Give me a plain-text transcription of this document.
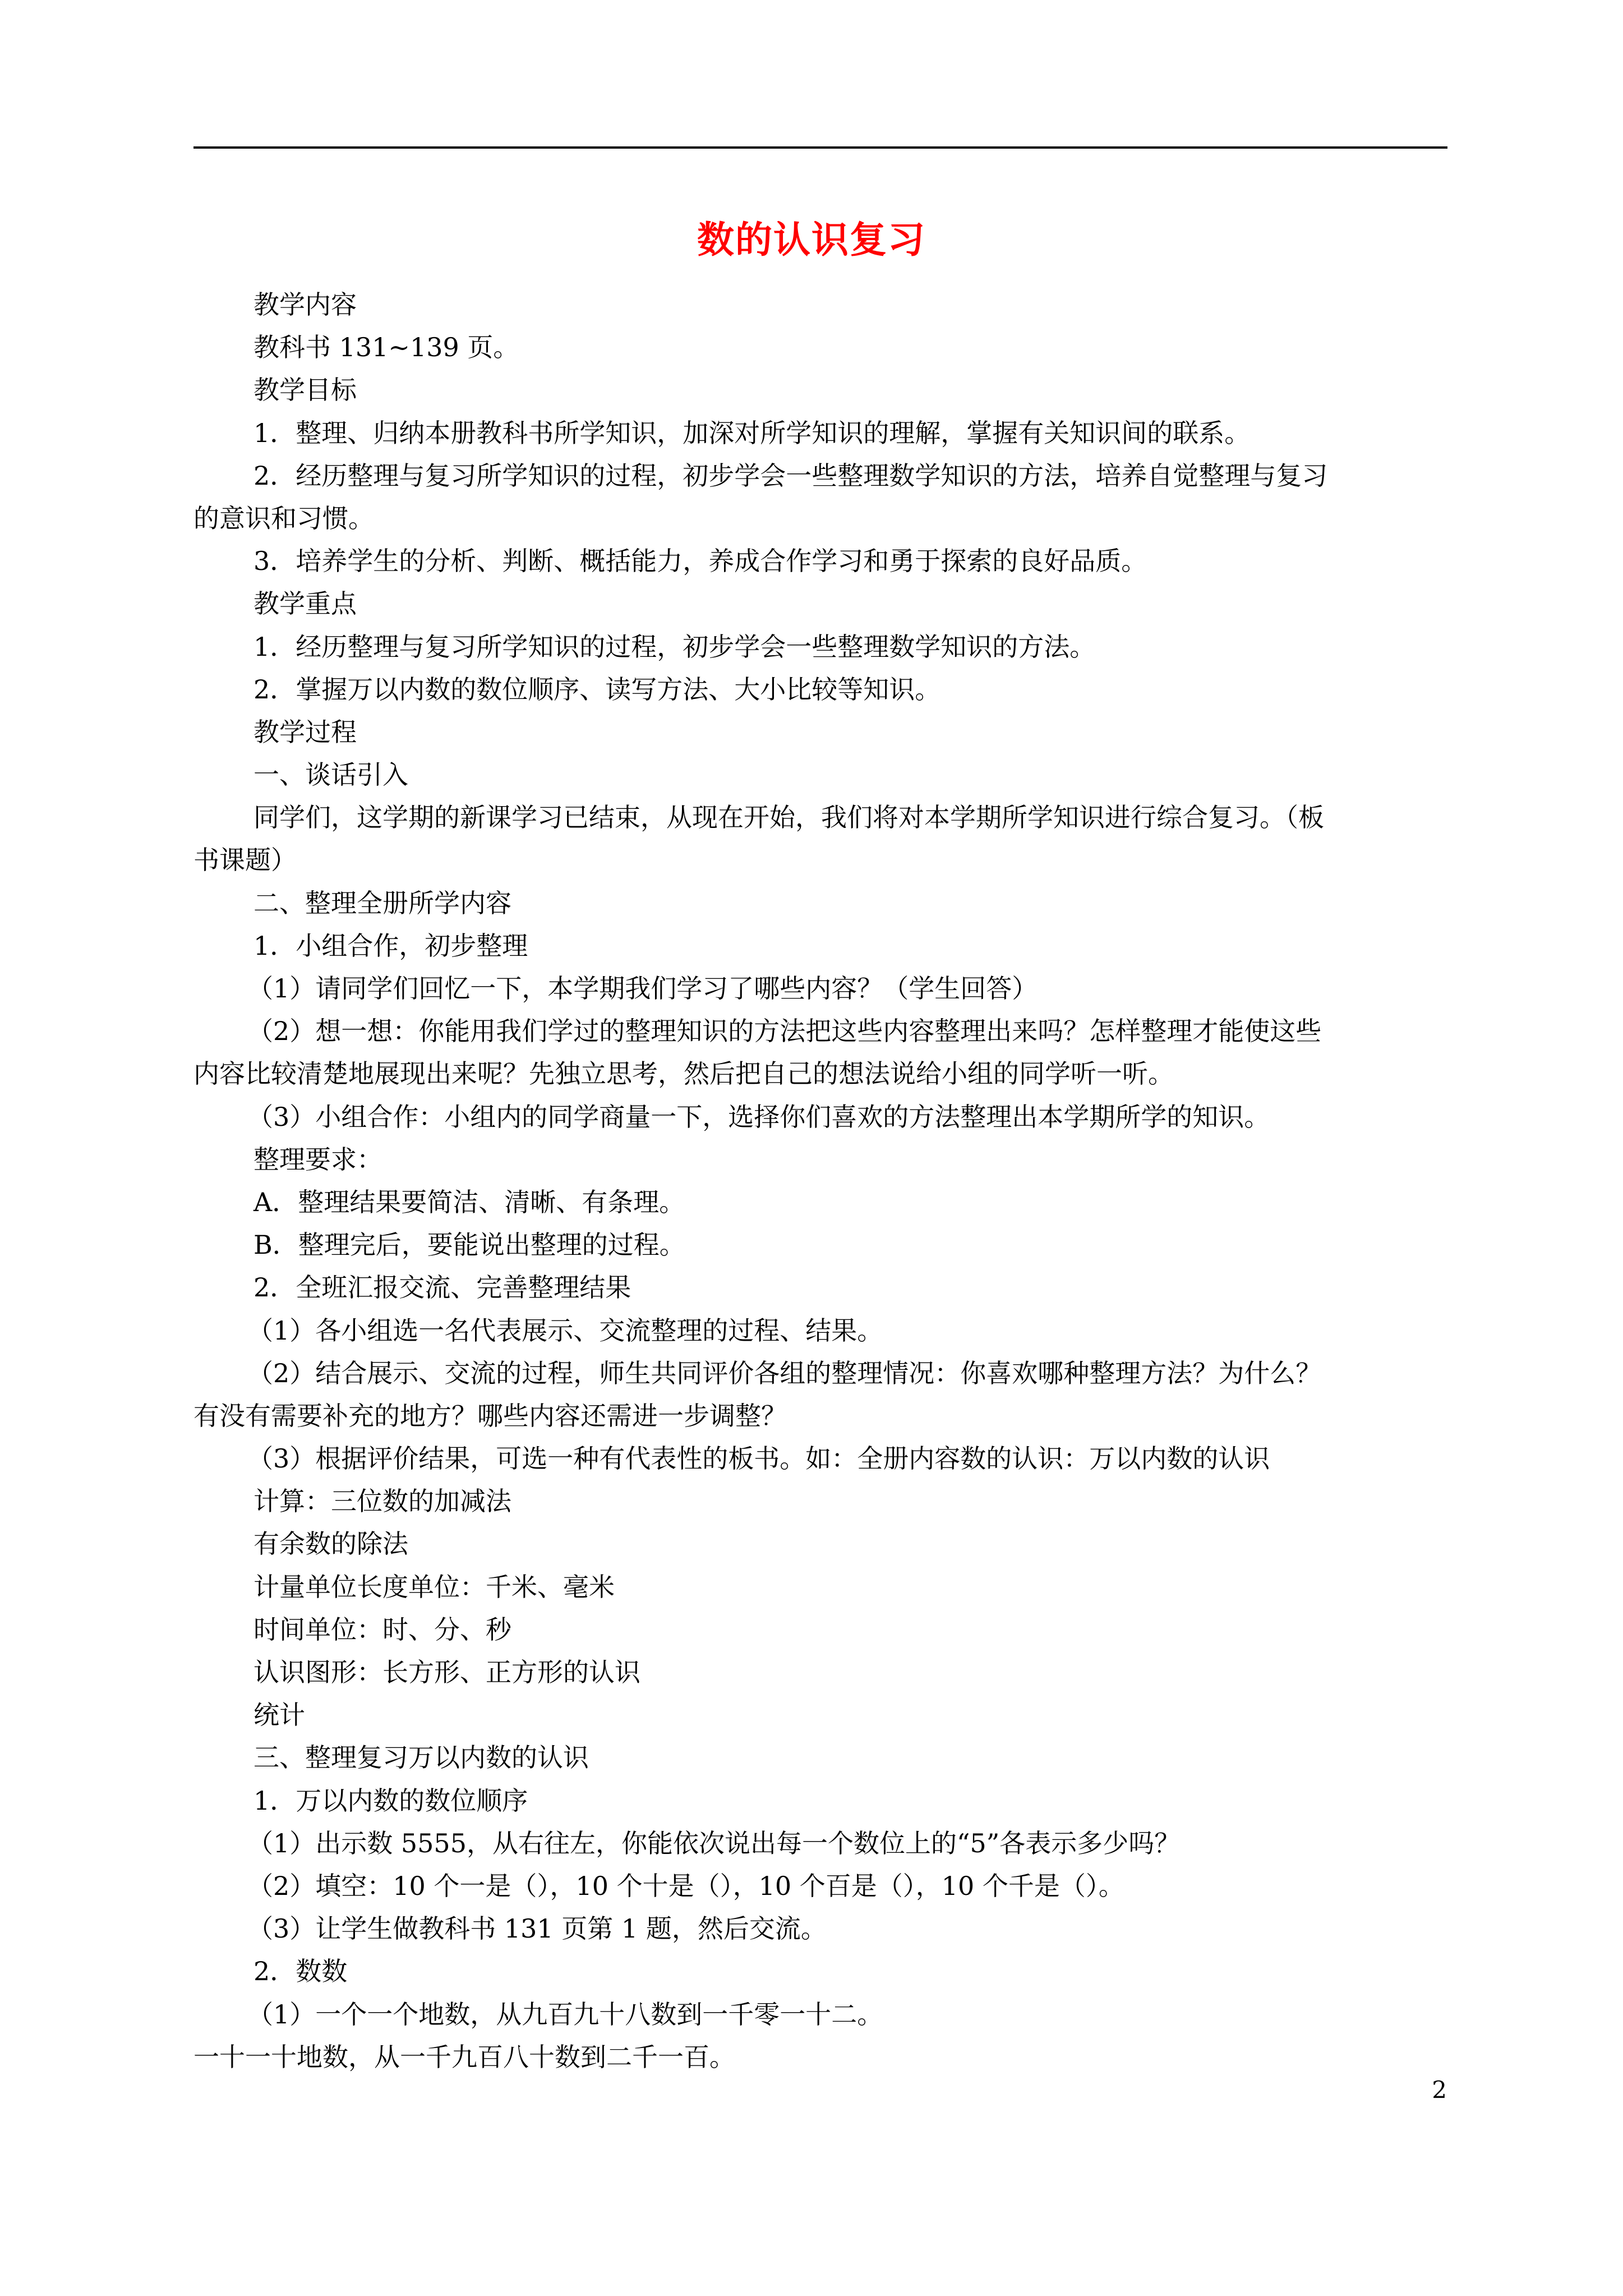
数的认识复习
教学内容
教科书 131~139 页。
教学目标
1．整理、归纳本册教科书所学知识，加深对所学知识的理解，掌握有关知识间的联系。
2．经历整理与复习所学知识的过程，初步学会一些整理数学知识的方法，培养自觉整理与复习
的意识和习惯。
3．培养学生的分析、判断、概括能力，养成合作学习和勇于探索的良好品质。
教学重点
1．经历整理与复习所学知识的过程，初步学会一些整理数学知识的方法。
2．掌握万以内数的数位顺序、读写方法、大小比较等知识。
教学过程
一、谈话引入
同学们，这学期的新课学习已结束，从现在开始，我们将对本学期所学知识进行综合复习。（板
书课题）
二、整理全册所学内容
1．小组合作，初步整理
（1）请同学们回忆一下，本学期我们学习了哪些内容？（学生回答）
（2）想一想：你能用我们学过的整理知识的方法把这些内容整理出来吗？怎样整理才能使这些
内容比较清楚地展现出来呢？先独立思考，然后把自己的想法说给小组的同学听一听。
（3）小组合作：小组内的同学商量一下，选择你们喜欢的方法整理出本学期所学的知识。
整理要求：
A．整理结果要简洁、清晰、有条理。
B．整理完后，要能说出整理的过程。
2．全班汇报交流、完善整理结果
（1）各小组选一名代表展示、交流整理的过程、结果。
（2）结合展示、交流的过程，师生共同评价各组的整理情况：你喜欢哪种整理方法？为什么？
有没有需要补充的地方？哪些内容还需进一步调整？
（3）根据评价结果，可选一种有代表性的板书。如：全册内容数的认识：万以内数的认识
计算：三位数的加减法
有余数的除法
计量单位长度单位：千米、毫米
时间单位：时、分、秒
认识图形：长方形、正方形的认识
统计
三、整理复习万以内数的认识
1．万以内数的数位顺序
（1）出示数 5555，从右往左，你能依次说出每一个数位上的“5”各表示多少吗？
（2）填空：10 个一是（），10 个十是（），10 个百是（），10 个千是（）。
（3）让学生做教科书 131 页第 1 题，然后交流。
2．数数
（1）一个一个地数，从九百九十八数到一千零一十二。
一十一十地数，从一千九百八十数到二千一百。
2
